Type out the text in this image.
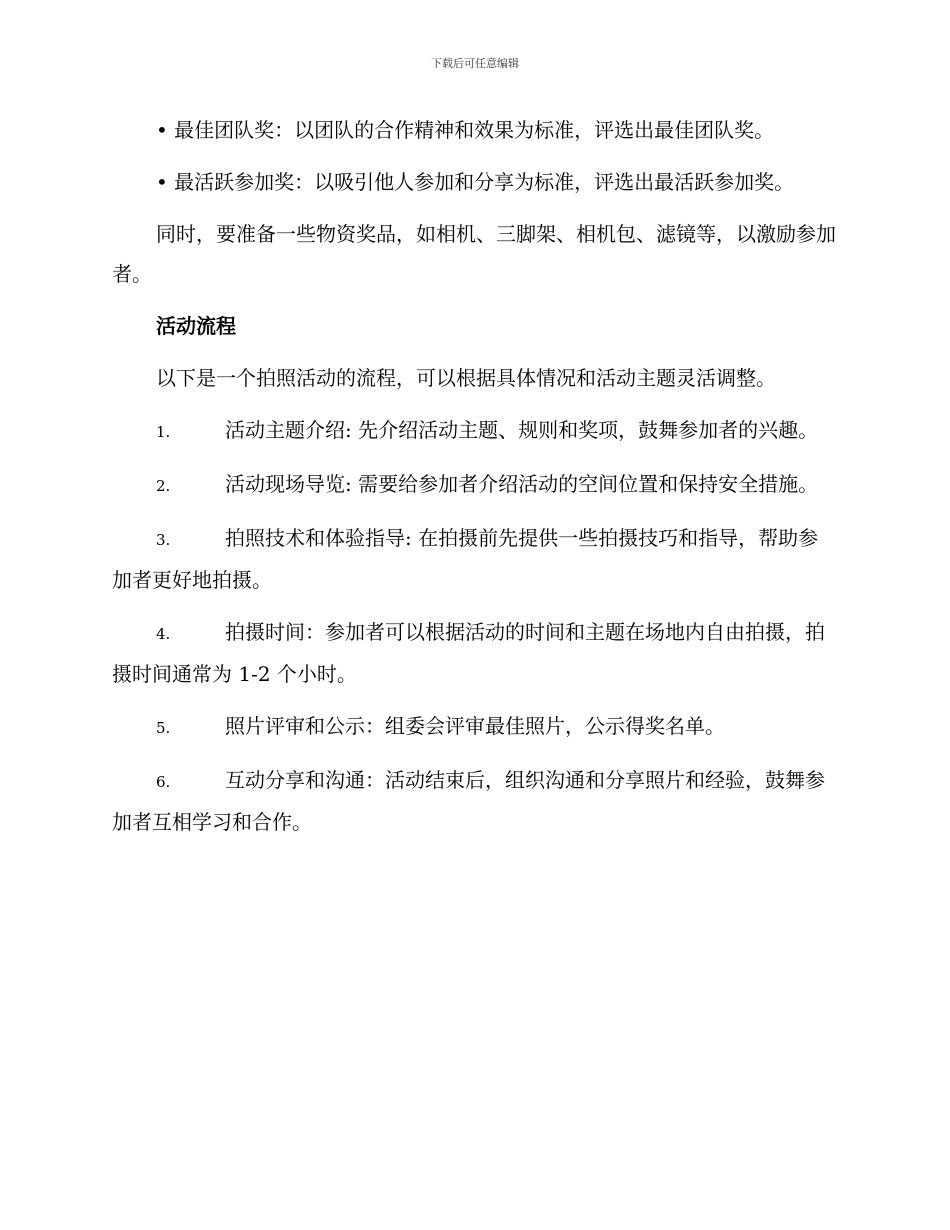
下载后可任意编辑

• 最佳团队奖：以团队的合作精神和效果为标准，评选出最佳团队奖。

• 最活跃参加奖：以吸引他人参加和分享为标准，评选出最活跃参加奖。

同时，要准备一些物资奖品，如相机、三脚架、相机包、滤镜等，以激励参加者。

活动流程

以下是一个拍照活动的流程，可以根据具体情况和活动主题灵活调整。

1.	活动主题介绍: 先介绍活动主题、规则和奖项，鼓舞参加者的兴趣。

2.	活动现场导览: 需要给参加者介绍活动的空间位置和保持安全措施。

3.	拍照技术和体验指导: 在拍摄前先提供一些拍摄技巧和指导，帮助参加者更好地拍摄。

4.	拍摄时间：参加者可以根据活动的时间和主题在场地内自由拍摄，拍摄时间通常为 1-2 个小时。

5.	照片评审和公示：组委会评审最佳照片，公示得奖名单。

6.	互动分享和沟通：活动结束后，组织沟通和分享照片和经验，鼓舞参加者互相学习和合作。
